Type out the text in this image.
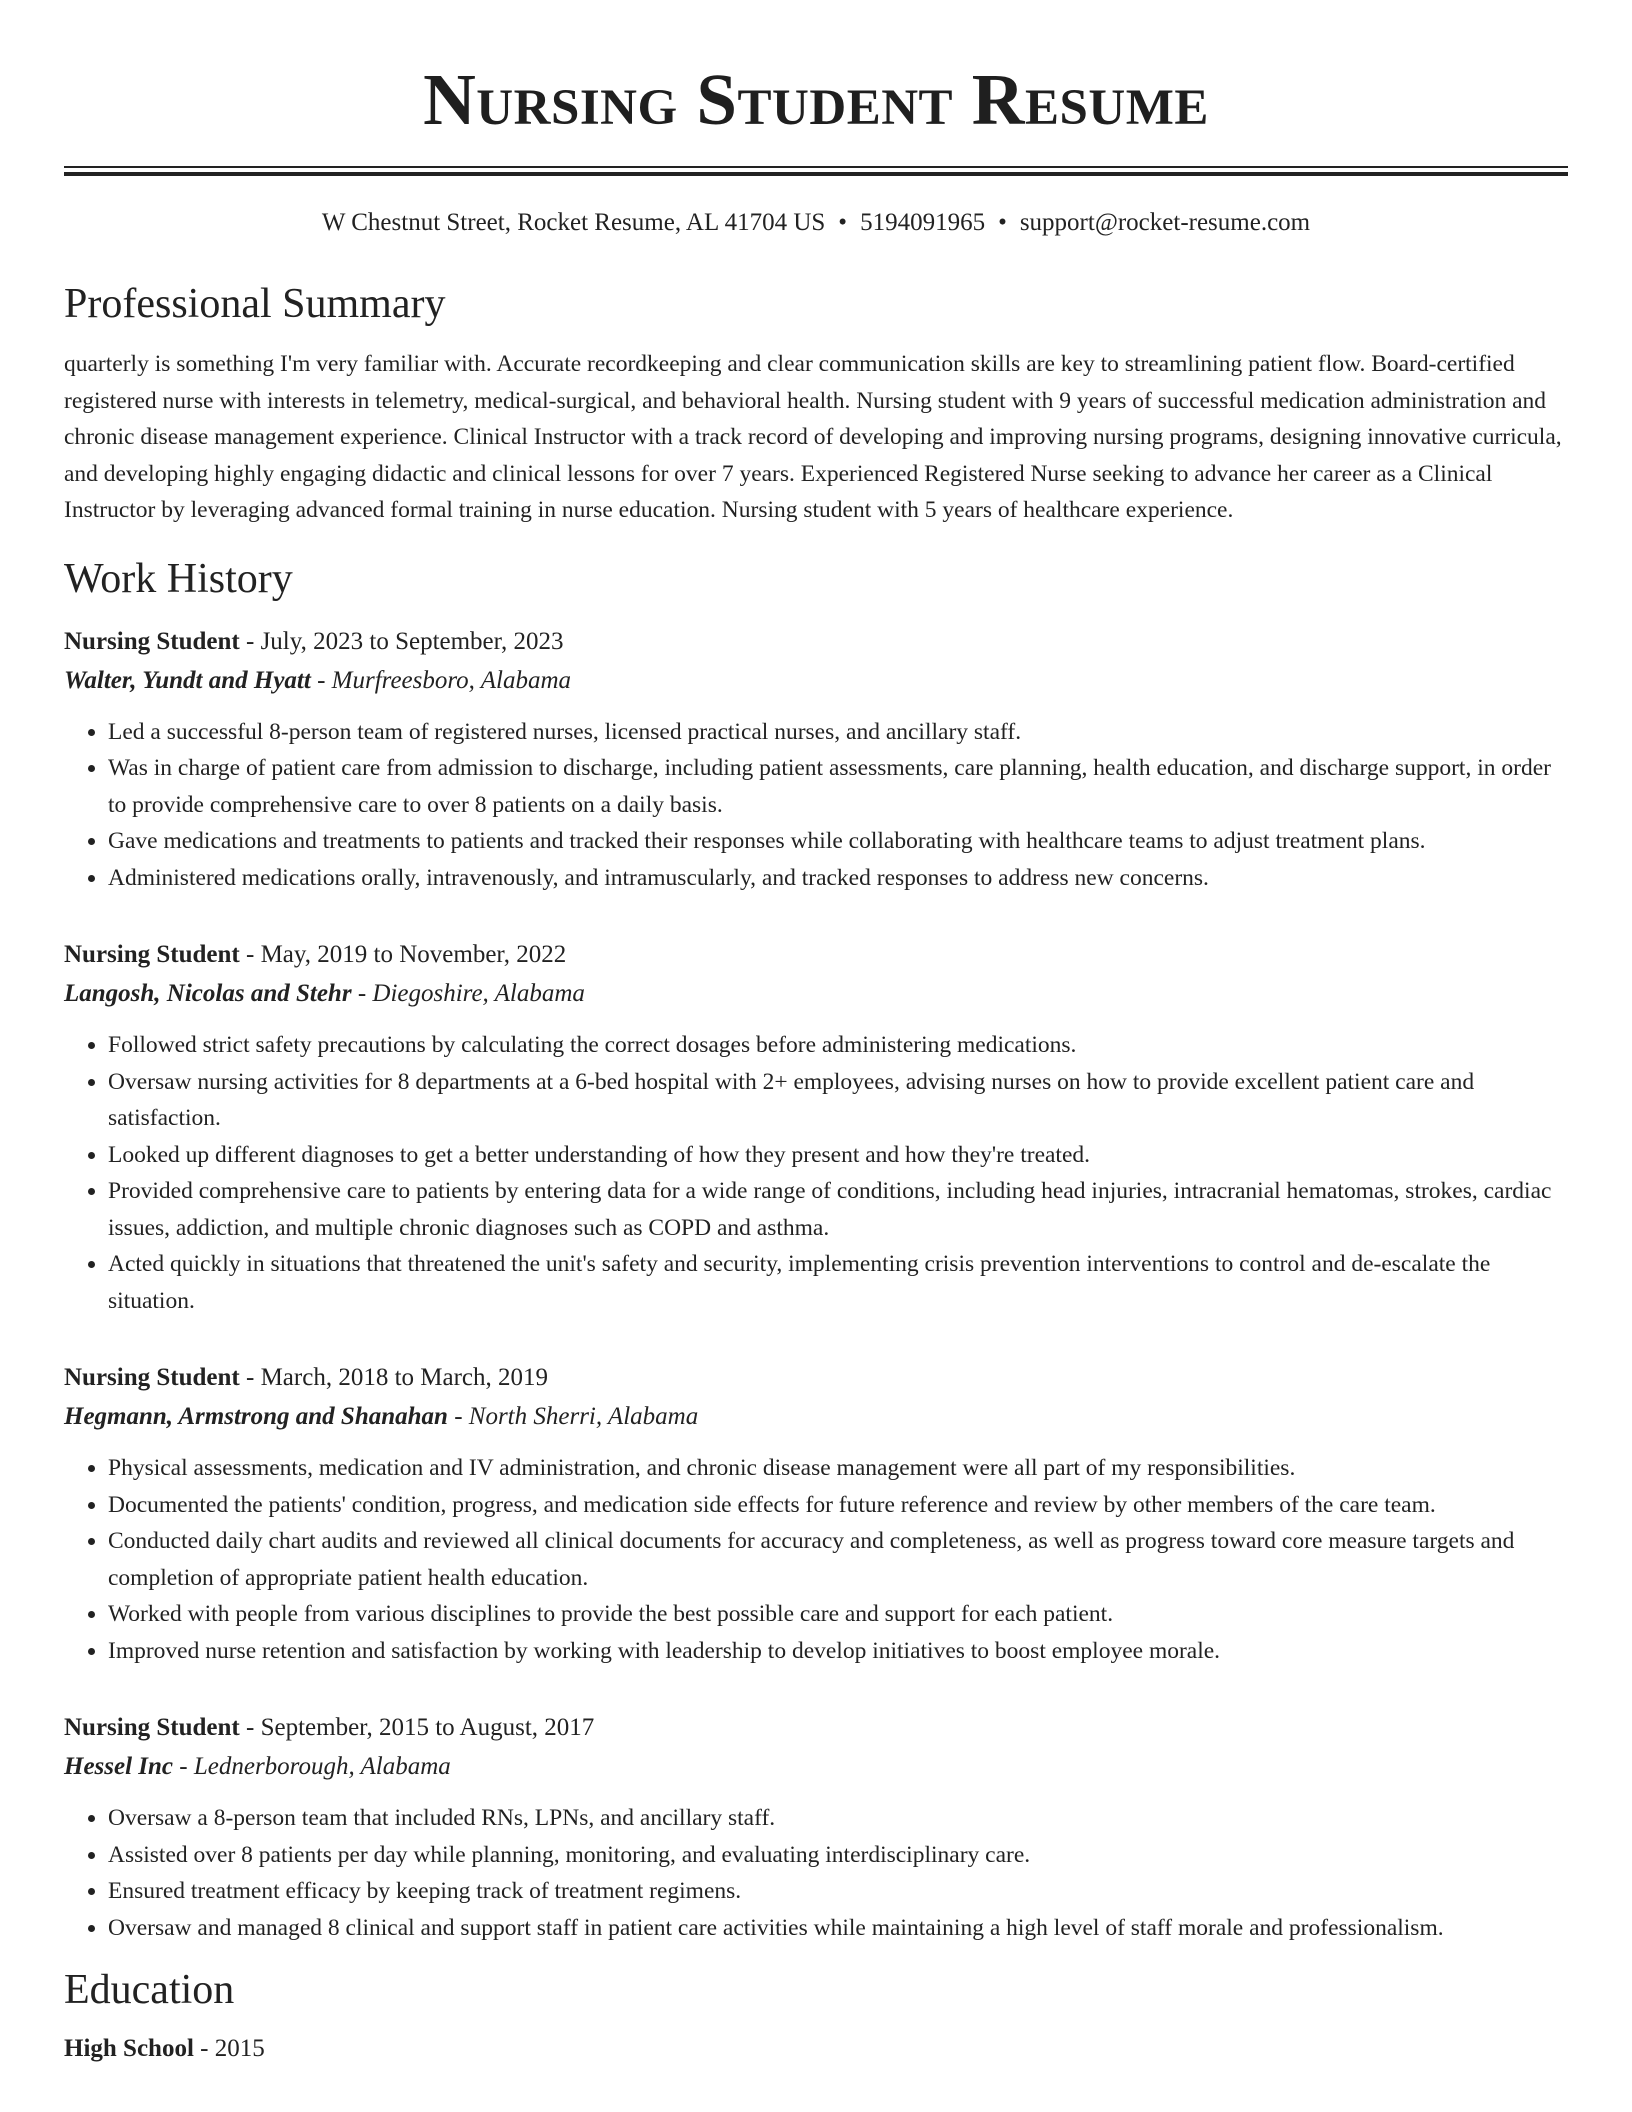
Nursing Student Resume
W Chestnut Street, Rocket Resume, AL 41704 US • 5194091965 • support@rocket-resume.com
Professional Summary
quarterly is something I'm very familiar with. Accurate recordkeeping and clear communication skills are key to streamlining patient flow. Board-certified registered nurse with interests in telemetry, medical-surgical, and behavioral health. Nursing student with 9 years of successful medication administration and chronic disease management experience. Clinical Instructor with a track record of developing and improving nursing programs, designing innovative curricula, and developing highly engaging didactic and clinical lessons for over 7 years. Experienced Registered Nurse seeking to advance her career as a Clinical Instructor by leveraging advanced formal training in nurse education. Nursing student with 5 years of healthcare experience.
Work History
Nursing Student - July, 2023 to September, 2023
Walter, Yundt and Hyatt - Murfreesboro, Alabama
• Led a successful 8-person team of registered nurses, licensed practical nurses, and ancillary staff.
• Was in charge of patient care from admission to discharge, including patient assessments, care planning, health education, and discharge support, in order to provide comprehensive care to over 8 patients on a daily basis.
• Gave medications and treatments to patients and tracked their responses while collaborating with healthcare teams to adjust treatment plans.
• Administered medications orally, intravenously, and intramuscularly, and tracked responses to address new concerns.
Nursing Student - May, 2019 to November, 2022
Langosh, Nicolas and Stehr - Diegoshire, Alabama
• Followed strict safety precautions by calculating the correct dosages before administering medications.
• Oversaw nursing activities for 8 departments at a 6-bed hospital with 2+ employees, advising nurses on how to provide excellent patient care and satisfaction.
• Looked up different diagnoses to get a better understanding of how they present and how they're treated.
• Provided comprehensive care to patients by entering data for a wide range of conditions, including head injuries, intracranial hematomas, strokes, cardiac issues, addiction, and multiple chronic diagnoses such as COPD and asthma.
• Acted quickly in situations that threatened the unit's safety and security, implementing crisis prevention interventions to control and de-escalate the situation.
Nursing Student - March, 2018 to March, 2019
Hegmann, Armstrong and Shanahan - North Sherri, Alabama
• Physical assessments, medication and IV administration, and chronic disease management were all part of my responsibilities.
• Documented the patients' condition, progress, and medication side effects for future reference and review by other members of the care team.
• Conducted daily chart audits and reviewed all clinical documents for accuracy and completeness, as well as progress toward core measure targets and completion of appropriate patient health education.
• Worked with people from various disciplines to provide the best possible care and support for each patient.
• Improved nurse retention and satisfaction by working with leadership to develop initiatives to boost employee morale.
Nursing Student - September, 2015 to August, 2017
Hessel Inc - Lednerborough, Alabama
• Oversaw a 8-person team that included RNs, LPNs, and ancillary staff.
• Assisted over 8 patients per day while planning, monitoring, and evaluating interdisciplinary care.
• Ensured treatment efficacy by keeping track of treatment regimens.
• Oversaw and managed 8 clinical and support staff in patient care activities while maintaining a high level of staff morale and professionalism.
Education
High School - 2015
